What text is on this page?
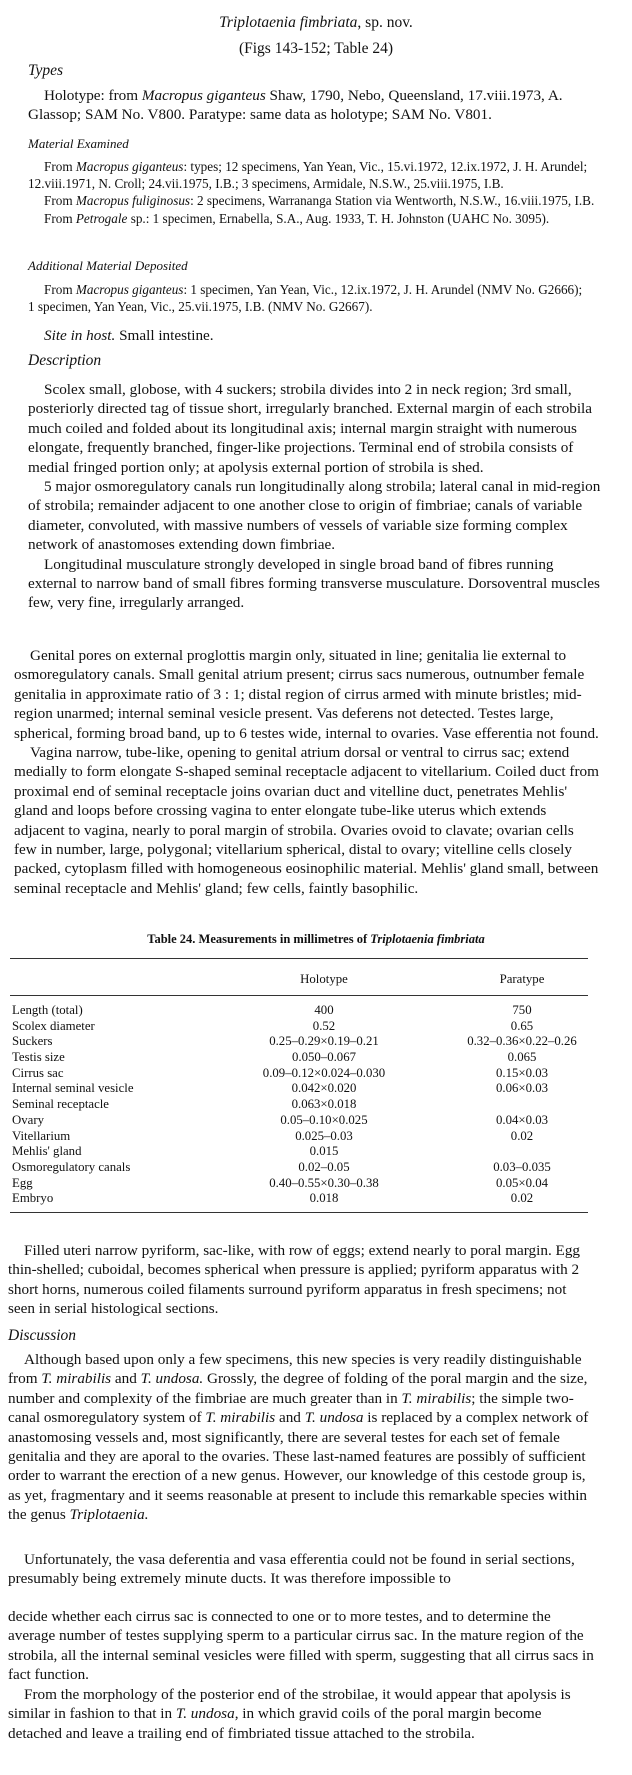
Triplotaenia fimbriata, sp. nov.
(Figs 143-152; Table 24)
Types

Holotype: from Macropus giganteus Shaw, 1790, Nebo, Queensland, 17.viii.1973, A. Glassop; SAM No. V800. Paratype: same data as holotype; SAM No. V801.

Material Examined

From Macropus giganteus: types; 12 specimens, Yan Yean, Vic., 15.vi.1972, 12.ix.1972, J. H. Arundel; 12.viii.1971, N. Croll; 24.vii.1975, I.B.; 3 specimens, Armidale, N.S.W., 25.viii.1975, I.B.

From Macropus fuliginosus: 2 specimens, Warrananga Station via Wentworth, N.S.W., 16.viii.1975, I.B.

From Petrogale sp.: 1 specimen, Ernabella, S.A., Aug. 1933, T. H. Johnston (UAHC No. 3095).

Additional Material Deposited

From Macropus giganteus: 1 specimen, Yan Yean, Vic., 12.ix.1972, J. H. Arundel (NMV No. G2666); 1 specimen, Yan Yean, Vic., 25.vii.1975, I.B. (NMV No. G2667).

Site in host. Small intestine.

Description

Scolex small, globose, with 4 suckers; strobila divides into 2 in neck region; 3rd small, posteriorly directed tag of tissue short, irregularly branched. External margin of each strobila much coiled and folded about its longitudinal axis; internal margin straight with numerous elongate, frequently branched, finger-like projections. Terminal end of strobila consists of medial fringed portion only; at apolysis external portion of strobila is shed.

5 major osmoregulatory canals run longitudinally along strobila; lateral canal in mid-region of strobila; remainder adjacent to one another close to origin of fimbriae; canals of variable diameter, convoluted, with massive numbers of vessels of variable size forming complex network of anastomoses extending down fimbriae.

Longitudinal musculature strongly developed in single broad band of fibres running external to narrow band of small fibres forming transverse musculature. Dorsoventral muscles few, very fine, irregularly arranged.

Genital pores on external proglottis margin only, situated in line; genitalia lie external to osmoregulatory canals. Small genital atrium present; cirrus sacs numerous, outnumber female genitalia in approximate ratio of 3 : 1; distal region of cirrus armed with minute bristles; mid-region unarmed; internal seminal vesicle present. Vas deferens not detected. Testes large, spherical, forming broad band, up to 6 testes wide, internal to ovaries. Vase efferentia not found.

Vagina narrow, tube-like, opening to genital atrium dorsal or ventral to cirrus sac; extend medially to form elongate S-shaped seminal receptacle adjacent to vitellarium. Coiled duct from proximal end of seminal receptacle joins ovarian duct and vitelline duct, penetrates Mehlis' gland and loops before crossing vagina to enter elongate tube-like uterus which extends adjacent to vagina, nearly to poral margin of strobila. Ovaries ovoid to clavate; ovarian cells few in number, large, polygonal; vitellarium spherical, distal to ovary; vitelline cells closely packed, cytoplasm filled with homogeneous eosinophilic material. Mehlis' gland small, between seminal receptacle and Mehlis' gland; few cells, faintly basophilic.

Table 24. Measurements in millimetres of Triplotaenia fimbriata
Holotype	Paratype
Length (total)	400	750
Scolex diameter	0.52	0.65
Suckers	0.25–0.29×0.19–0.21	0.32–0.36×0.22–0.26
Testis size	0.050–0.067	0.065
Cirrus sac	0.09–0.12×0.024–0.030	0.15×0.03
Internal seminal vesicle	0.042×0.020	0.06×0.03
Seminal receptacle	0.063×0.018
Ovary	0.05–0.10×0.025	0.04×0.03
Vitellarium	0.025–0.03	0.02
Mehlis' gland	0.015
Osmoregulatory canals	0.02–0.05	0.03–0.035
Egg	0.40–0.55×0.30–0.38	0.05×0.04
Embryo	0.018	0.02

Filled uteri narrow pyriform, sac-like, with row of eggs; extend nearly to poral margin. Egg thin-shelled; cuboidal, becomes spherical when pressure is applied; pyriform apparatus with 2 short horns, numerous coiled filaments surround pyriform apparatus in fresh specimens; not seen in serial histological sections.

Discussion

Although based upon only a few specimens, this new species is very readily distinguishable from T. mirabilis and T. undosa. Grossly, the degree of folding of the poral margin and the size, number and complexity of the fimbriae are much greater than in T. mirabilis; the simple two-canal osmoregulatory system of T. mirabilis and T. undosa is replaced by a complex network of anastomosing vessels and, most significantly, there are several testes for each set of female genitalia and they are aporal to the ovaries. These last-named features are possibly of sufficient order to warrant the erection of a new genus. However, our knowledge of this cestode group is, as yet, fragmentary and it seems reasonable at present to include this remarkable species within the genus Triplotaenia.

Unfortunately, the vasa deferentia and vasa efferentia could not be found in serial sections, presumably being extremely minute ducts. It was therefore impossible to

decide whether each cirrus sac is connected to one or to more testes, and to determine the average number of testes supplying sperm to a particular cirrus sac. In the mature region of the strobila, all the internal seminal vesicles were filled with sperm, suggesting that all cirrus sacs in fact function.

From the morphology of the posterior end of the strobilae, it would appear that apolysis is similar in fashion to that in T. undosa, in which gravid coils of the poral margin become detached and leave a trailing end of fimbriated tissue attached to the strobila.
